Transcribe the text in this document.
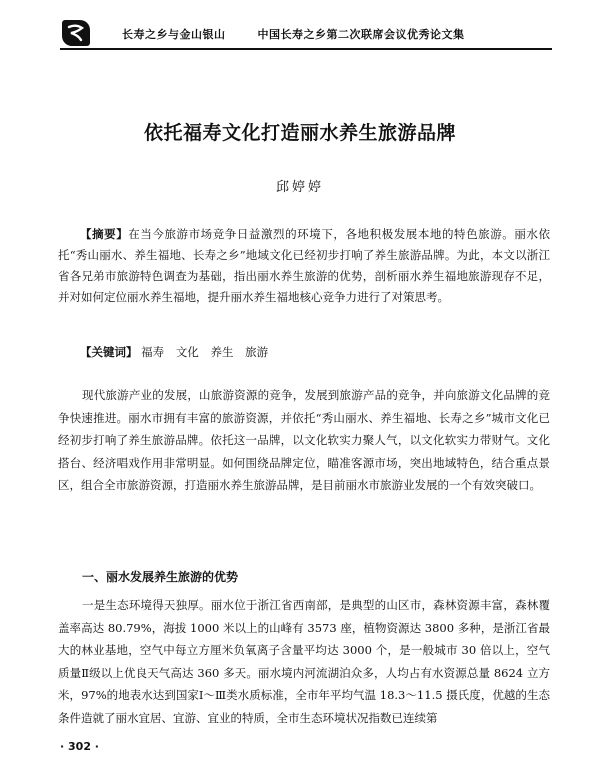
长寿之乡与金山银山	中国长寿之乡第二次联席会议优秀论文集
依托福寿文化打造丽水养生旅游品牌
邱婷婷
【摘要】在当今旅游市场竞争日益激烈的环境下，各地积极发展本地的特色旅游。丽水依托“秀山丽水、养生福地、长寿之乡”地域文化已经初步打响了养生旅游品牌。为此，本文以浙江省各兄弟市旅游特色调查为基础，指出丽水养生旅游的优势，剖析丽水养生福地旅游现存不足，并对如何定位丽水养生福地，提升丽水养生福地核心竞争力进行了对策思考。
【关键词】 福寿 文化 养生 旅游
现代旅游产业的发展，山旅游资源的竞争，发展到旅游产品的竞争，并向旅游文化品牌的竞争快速推进。丽水市拥有丰富的旅游资源，并依托“秀山丽水、养生福地、长寿之乡”城市文化已经初步打响了养生旅游品牌。依托这一品牌，以文化软实力聚人气，以文化软实力带财气。文化搭台、经济唱戏作用非常明显。如何围绕品牌定位，瞄准客源市场，突出地域特色，结合重点景区，组合全市旅游资源，打造丽水养生旅游品牌，是目前丽水市旅游业发展的一个有效突破口。
一、丽水发展养生旅游的优势
一是生态环境得天独厚。丽水位于浙江省西南部，是典型的山区市，森林资源丰富，森林覆盖率高达 80.79%，海拔 1000 米以上的山峰有 3573 座，植物资源达 3800 多种，是浙江省最大的林业基地，空气中每立方厘米负氧离子含量平均达 3000 个，是一般城市 30 倍以上，空气质量Ⅱ级以上优良天气高达 360 多天。丽水境内河流湖泊众多，人均占有水资源总量 8624 立方米，97%的地表水达到国家Ⅰ～Ⅲ类水质标准，全市年平均气温 18.3～11.5 摄氏度，优越的生态条件造就了丽水宜居、宜游、宜业的特质，全市生态环境状况指数已连续第
· 302 ·
